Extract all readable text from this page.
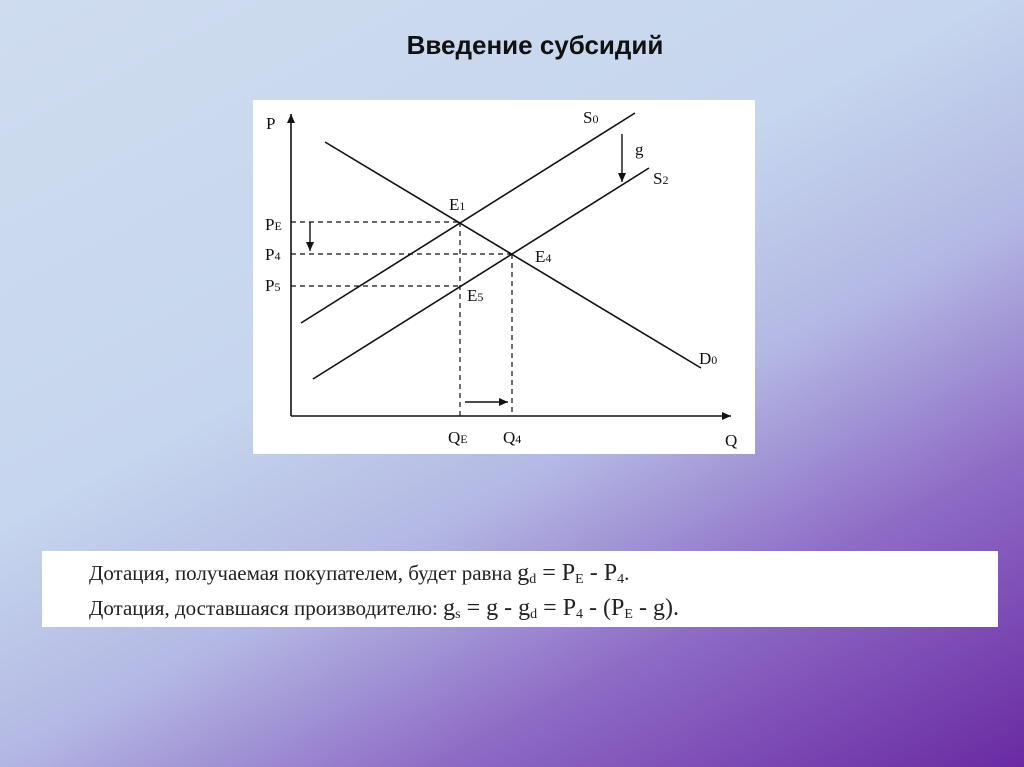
Введение субсидий
P
Q
S0
S2
D0
g
E1
E4
E5
PE
P4
P5
QE Q4
Дотация, получаемая покупателем, будет равна $g_d = P_E - P_4$.
Дотация, доставшаяся производителю: $g_s = g - g_d = P_4 - (P_E - g)$.
